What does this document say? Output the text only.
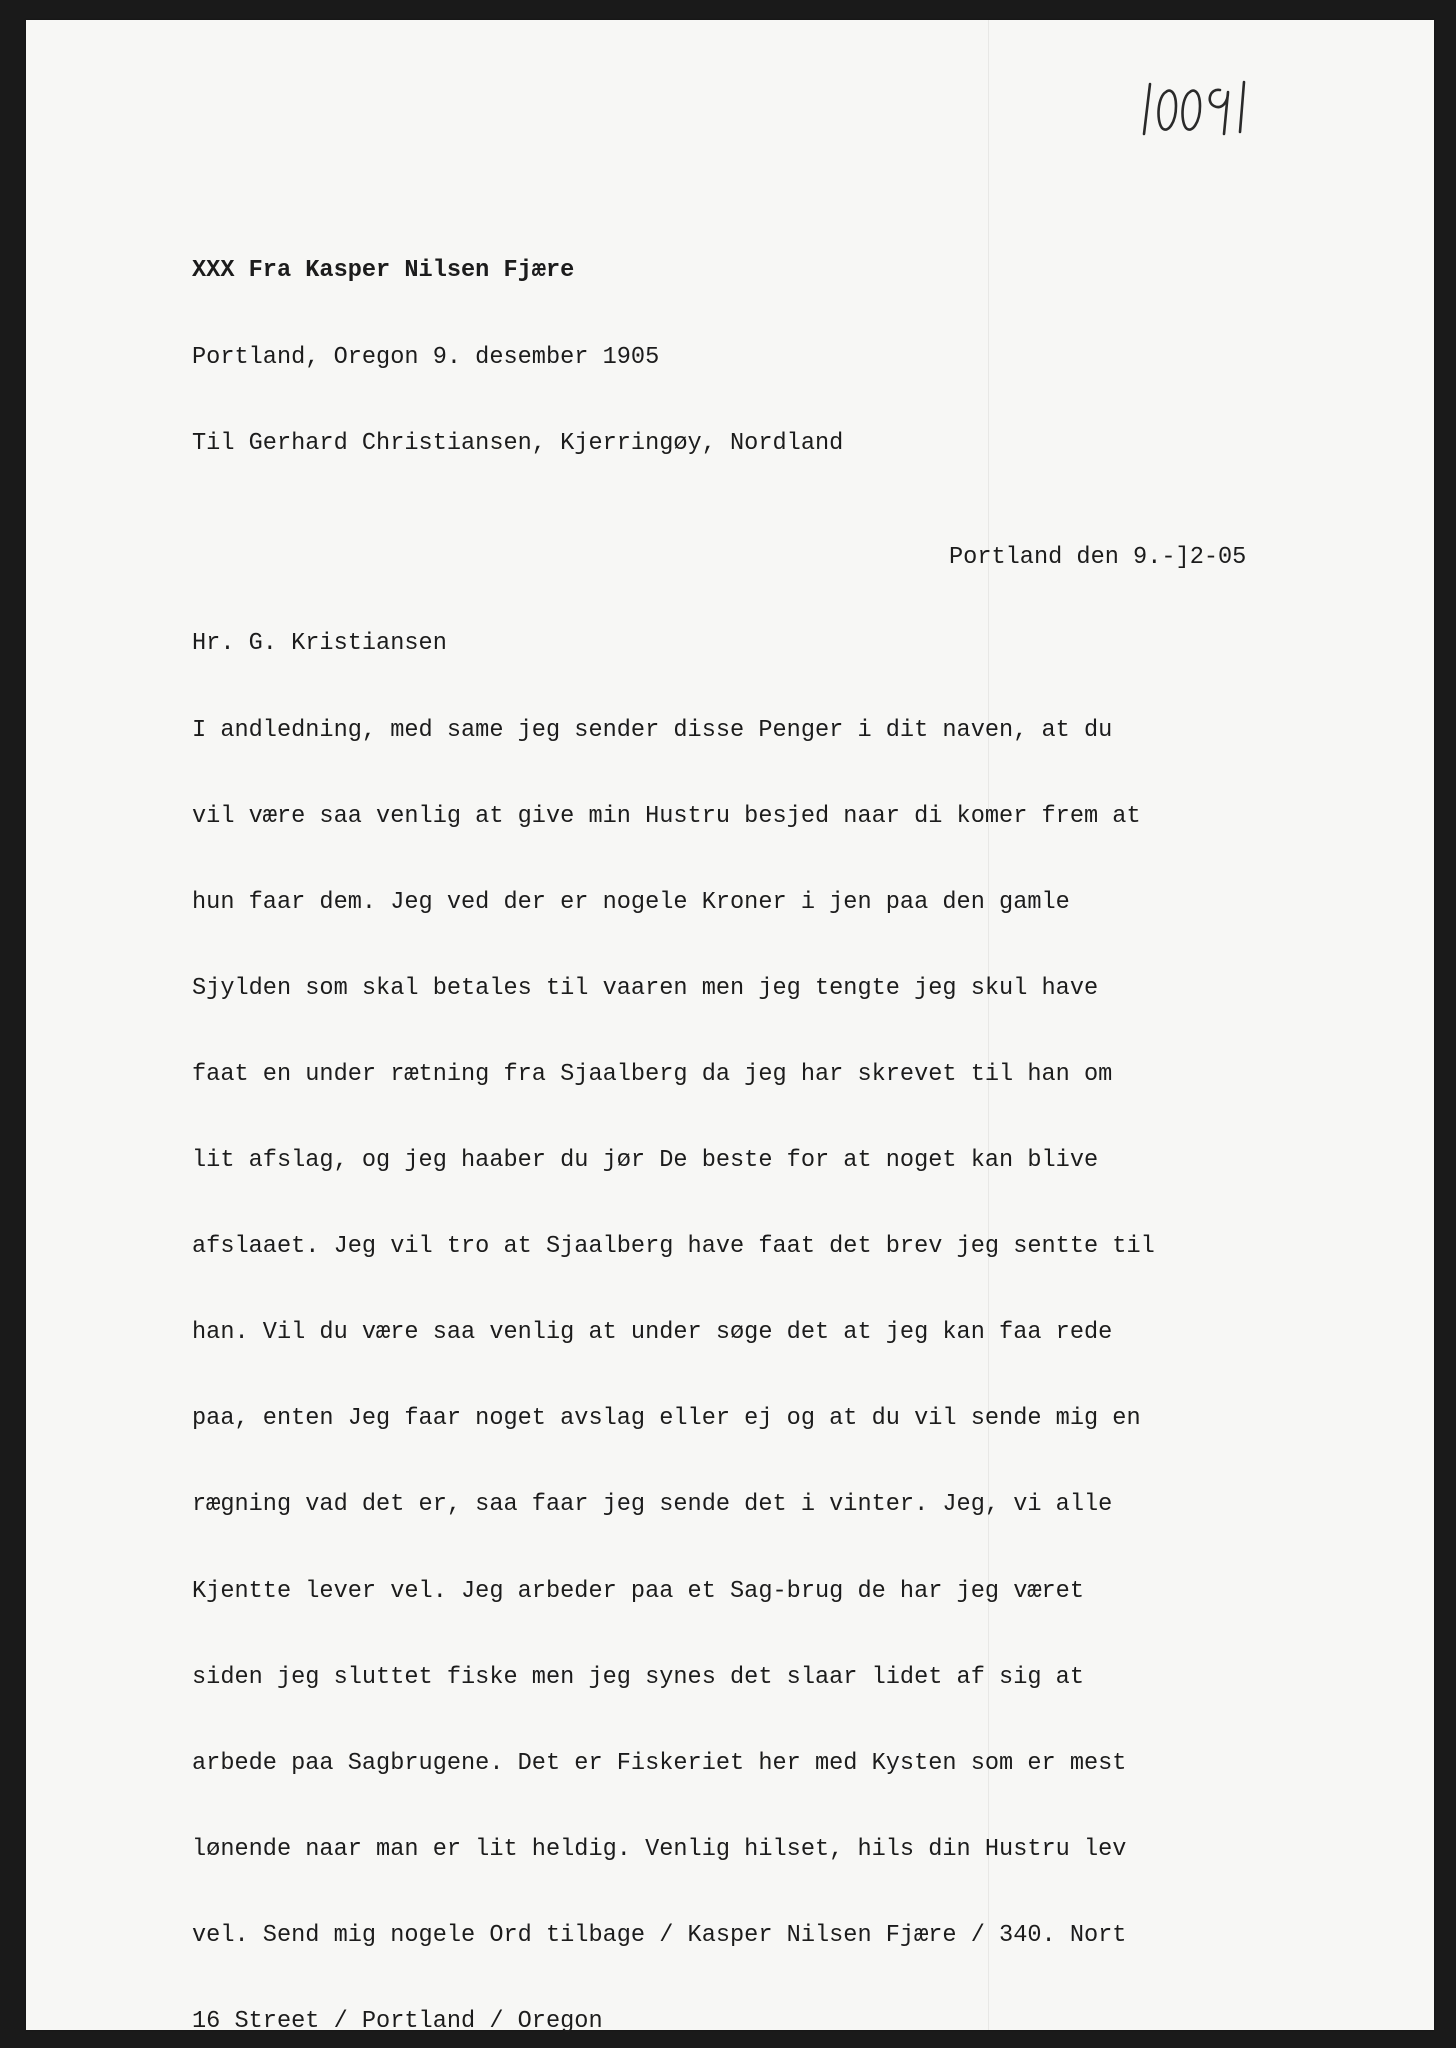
XXX Fra Kasper Nilsen Fjære

Portland, Oregon 9. desember 1905

Til Gerhard Christiansen, Kjerringøy, Nordland

Portland den 9.-]2-05

Hr. G. Kristiansen

I andledning, med same jeg sender disse Penger i dit naven, at du

vil være saa venlig at give min Hustru besjed naar di komer frem at

hun faar dem. Jeg ved der er nogele Kroner i jen paa den gamle

Sjylden som skal betales til vaaren men jeg tengte jeg skul have

faat en under rætning fra Sjaalberg da jeg har skrevet til han om

lit afslag, og jeg haaber du jør De beste for at noget kan blive

afslaaet. Jeg vil tro at Sjaalberg have faat det brev jeg sentte til

han. Vil du være saa venlig at under søge det at jeg kan faa rede

paa, enten Jeg faar noget avslag eller ej og at du vil sende mig en

rægning vad det er, saa faar jeg sende det i vinter. Jeg, vi alle

Kjentte lever vel. Jeg arbeder paa et Sag-brug de har jeg været

siden jeg sluttet fiske men jeg synes det slaar lidet af sig at

arbede paa Sagbrugene. Det er Fiskeriet her med Kysten som er mest

lønende naar man er lit heldig. Venlig hilset, hils din Hustru lev

vel. Send mig nogele Ord tilbage / Kasper Nilsen Fjære / 340. Nort

16 Street / Portland / Oregon
